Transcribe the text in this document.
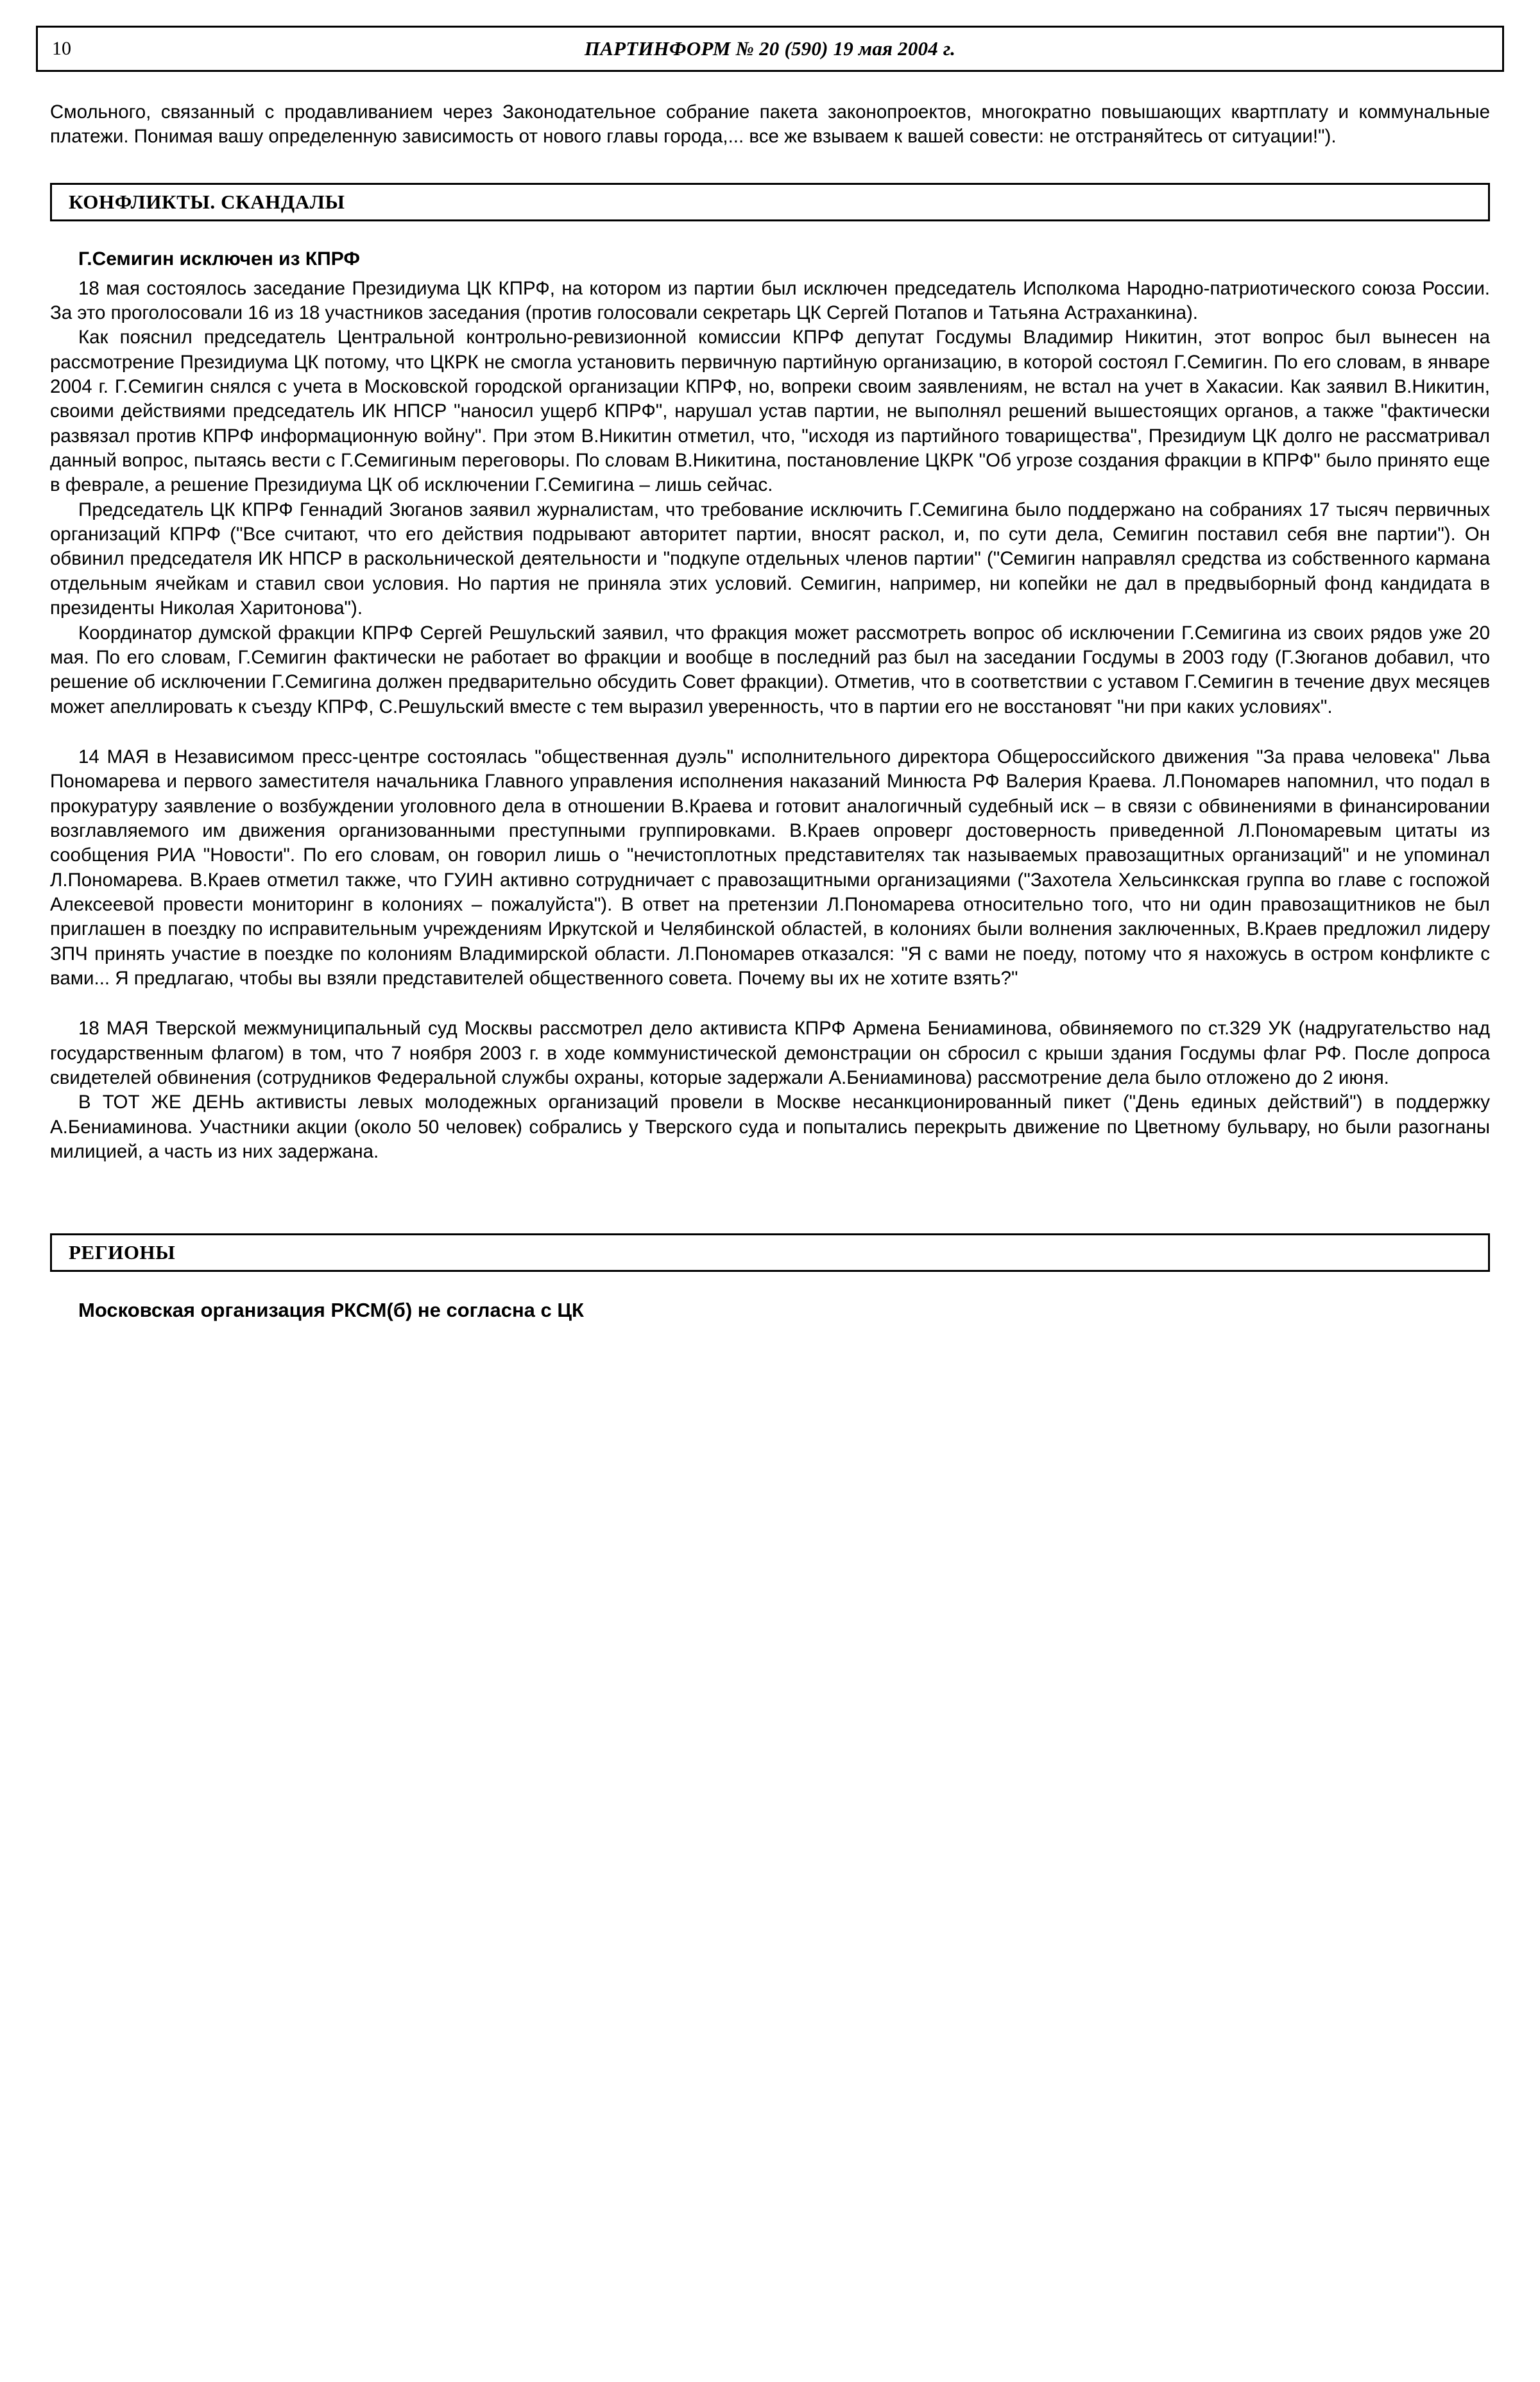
10	ПАРТИНФОРМ № 20 (590) 19 мая 2004 г.

Смольного, связанный с продавливанием через Законодательное собрание пакета законопроектов, многократно повышающих квартплату и коммунальные платежи. Понимая вашу определенную зависимость от нового главы города,... все же взываем к вашей совести: не отстраняйтесь от ситуации!").

КОНФЛИКТЫ. СКАНДАЛЫ
Г.Семигин исключен из КПРФ

18 мая состоялось заседание Президиума ЦК КПРФ, на котором из партии был исключен председатель Исполкома Народно-патриотического союза России. За это проголосовали 16 из 18 участников заседания (против голосовали секретарь ЦК Сергей Потапов и Татьяна Астраханкина).

Как пояснил председатель Центральной контрольно-ревизионной комиссии КПРФ депутат Госдумы Владимир Никитин, этот вопрос был вынесен на рассмотрение Президиума ЦК потому, что ЦКРК не смогла установить первичную партийную организацию, в которой состоял Г.Семигин. По его словам, в январе 2004 г. Г.Семигин снялся с учета в Московской городской организации КПРФ, но, вопреки своим заявлениям, не встал на учет в Хакасии. Как заявил В.Никитин, своими действиями председатель ИК НПСР "наносил ущерб КПРФ", нарушал устав партии, не выполнял решений вышестоящих органов, а также "фактически развязал против КПРФ информационную войну". При этом В.Никитин отметил, что, "исходя из партийного товарищества", Президиум ЦК долго не рассматривал данный вопрос, пытаясь вести с Г.Семигиным переговоры. По словам В.Никитина, постановление ЦКРК "Об угрозе создания фракции в КПРФ" было принято еще в феврале, а решение Президиума ЦК об исключении Г.Семигина – лишь сейчас.

Председатель ЦК КПРФ Геннадий Зюганов заявил журналистам, что требование исключить Г.Семигина было поддержано на собраниях 17 тысяч первичных организаций КПРФ ("Все считают, что его действия подрывают авторитет партии, вносят раскол, и, по сути дела, Семигин поставил себя вне партии"). Он обвинил председателя ИК НПСР в раскольнической деятельности и "подкупе отдельных членов партии" ("Семигин направлял средства из собственного кармана отдельным ячейкам и ставил свои условия. Но партия не приняла этих условий. Семигин, например, ни копейки не дал в предвыборный фонд кандидата в президенты Николая Харитонова").

Координатор думской фракции КПРФ Сергей Решульский заявил, что фракция может рассмотреть вопрос об исключении Г.Семигина из своих рядов уже 20 мая. По его словам, Г.Семигин фактически не работает во фракции и вообще в последний раз был на заседании Госдумы в 2003 году (Г.Зюганов добавил, что решение об исключении Г.Семигина должен предварительно обсудить Совет фракции). Отметив, что в соответствии с уставом Г.Семигин в течение двух месяцев может апеллировать к съезду КПРФ, С.Решульский вместе с тем выразил уверенность, что в партии его не восстановят "ни при каких условиях".

14 МАЯ в Независимом пресс-центре состоялась "общественная дуэль" исполнительного директора Общероссийского движения "За права человека" Льва Пономарева и первого заместителя начальника Главного управления исполнения наказаний Минюста РФ Валерия Краева. Л.Пономарев напомнил, что подал в прокуратуру заявление о возбуждении уголовного дела в отношении В.Краева и готовит аналогичный судебный иск – в связи с обвинениями в финансировании возглавляемого им движения организованными преступными группировками. В.Краев опроверг достоверность приведенной Л.Пономаревым цитаты из сообщения РИА "Новости". По его словам, он говорил лишь о "нечистоплотных представителях так называемых правозащитных организаций" и не упоминал Л.Пономарева. В.Краев отметил также, что ГУИН активно сотрудничает с правозащитными организациями ("Захотела Хельсинкская группа во главе с госпожой Алексеевой провести мониторинг в колониях – пожалуйста"). В ответ на претензии Л.Пономарева относительно того, что ни один правозащитников не был приглашен в поездку по исправительным учреждениям Иркутской и Челябинской областей, в колониях были волнения заключенных, В.Краев предложил лидеру ЗПЧ принять участие в поездке по колониям Владимирской области. Л.Пономарев отказался: "Я с вами не поеду, потому что я нахожусь в остром конфликте с вами... Я предлагаю, чтобы вы взяли представителей общественного совета. Почему вы их не хотите взять?"

18 МАЯ Тверской межмуниципальный суд Москвы рассмотрел дело активиста КПРФ Армена Бениаминова, обвиняемого по ст.329 УК (надругательство над государственным флагом) в том, что 7 ноября 2003 г. в ходе коммунистической демонстрации он сбросил с крыши здания Госдумы флаг РФ. После допроса свидетелей обвинения (сотрудников Федеральной службы охраны, которые задержали А.Бениаминова) рассмотрение дела было отложено до 2 июня.

В ТОТ ЖЕ ДЕНЬ активисты левых молодежных организаций провели в Москве несанкционированный пикет ("День единых действий") в поддержку А.Бениаминова. Участники акции (около 50 человек) собрались у Тверского суда и попытались перекрыть движение по Цветному бульвару, но были разогнаны милицией, а часть из них задержана.

РЕГИОНЫ
Московская организация РКСМ(б) не согласна с ЦК
